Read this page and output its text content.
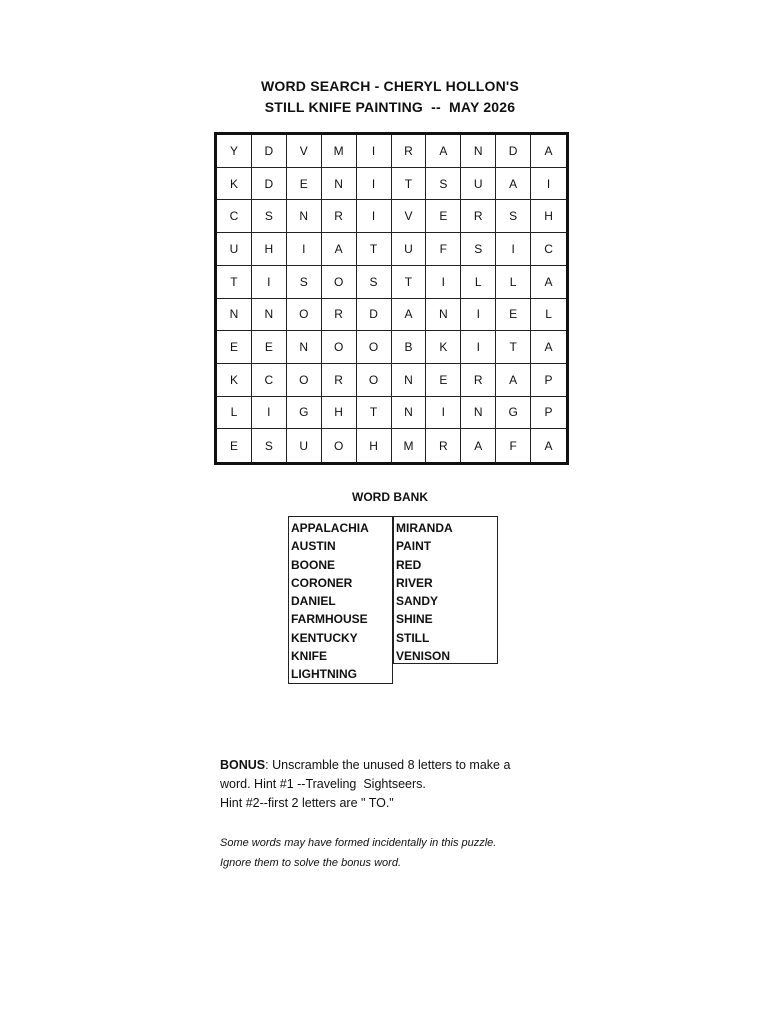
WORD SEARCH - CHERYL HOLLON'S
STILL KNIFE PAINTING  --  MAY 2026
Y	D	V	M	I	R	A	N	D	A
K	D	E	N	I	T	S	U	A	I
C	S	N	R	I	V	E	R	S	H
U	H	I	A	T	U	F	S	I	C
T	I	S	O	S	T	I	L	L	A
N	N	O	R	D	A	N	I	E	L
E	E	N	O	O	B	K	I	T	A
K	C	O	R	O	N	E	R	A	P
L	I	G	H	T	N	I	N	G	P
E	S	U	O	H	M	R	A	F	A
WORD BANK
APPALACHIA
AUSTIN
BOONE
CORONER
DANIEL
FARMHOUSE
KENTUCKY
KNIFE
LIGHTNING
MIRANDA
PAINT
RED
RIVER
SANDY
SHINE
STILL
VENISON
BONUS: Unscramble the unused 8 letters to make a
word. Hint #1 --Traveling  Sightseers.
Hint #2--first 2 letters are " TO."
Some words may have formed incidentally in this puzzle.
Ignore them to solve the bonus word.
